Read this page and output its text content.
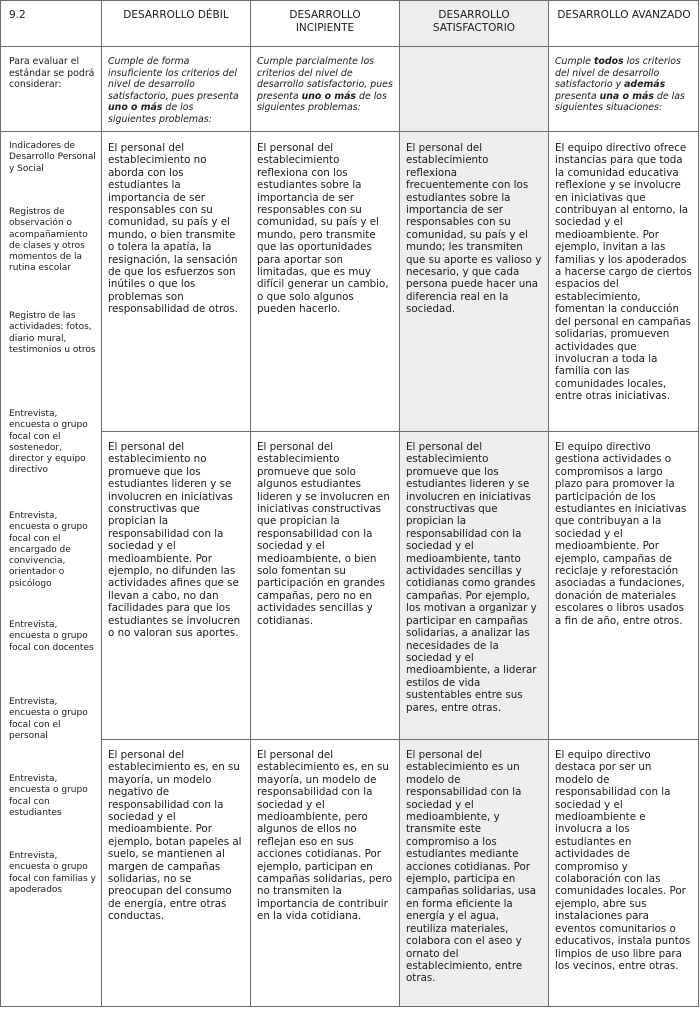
9.2	DESARROLLO DÉBIL	DESARROLLO INCIPIENTE
DESARROLLO SATISFACTORIO
DESARROLLO AVANZADO
Para evaluar el estándar se podrá considerar:
Cumple de forma insuficiente los criterios del nivel de desarrollo satisfactorio, pues presenta uno o más de los siguientes problemas:
Cumple parcialmente los criterios del nivel de desarrollo satisfactorio, pues presenta uno o más de los siguientes problemas:
Cumple todos los criterios del nivel de desarrollo satisfactorio y además presenta una o más de las siguientes situaciones:
Indicadores de Desarrollo Personal y Social
Registros de observación o acompañamiento de clases y otros momentos de la rutina escolar
Registro de las actividades: fotos, diario mural, testimonios u otros
Entrevista, encuesta o grupo focal con el sostenedor, director y equipo directivo
Entrevista, encuesta o grupo focal con el encargado de convivencia, orientador o psicólogo
Entrevista, encuesta o grupo focal con docentes
Entrevista, encuesta o grupo focal con el personal
Entrevista, encuesta o grupo focal con estudiantes
Entrevista, encuesta o grupo focal con familias y apoderados
El personal del establecimiento no aborda con los estudiantes la importancia de ser responsables con su comunidad, su país y el mundo, o bien transmite o tolera la apatía, la resignación, la sensación de que los esfuerzos son inútiles o que los problemas son responsabilidad de otros.
El personal del establecimiento reflexiona con los estudiantes sobre la importancia de ser responsables con su comunidad, su país y el mundo, pero transmite que las oportunidades para aportar son limitadas, que es muy difícil generar un cambio, o que solo algunos pueden hacerlo.
El personal del establecimiento reflexiona frecuentemente con los estudiantes sobre la importancia de ser responsables con su comunidad, su país y el mundo; les transmiten que su aporte es valioso y necesario, y que cada persona puede hacer una diferencia real en la sociedad.
El equipo directivo ofrece instancias para que toda la comunidad educativa reflexione y se involucre en iniciativas que contribuyan al entorno, la sociedad y el medioambiente. Por ejemplo, invitan a las familias y los apoderados a hacerse cargo de ciertos espacios del establecimiento, fomentan la conducción del personal en campañas solidarias, promueven actividades que involucran a toda la familia con las comunidades locales, entre otras iniciativas.
El personal del establecimiento no promueve que los estudiantes lideren y se involucren en iniciativas constructivas que propician la responsabilidad con la sociedad y el medioambiente. Por ejemplo, no difunden las actividades afines que se llevan a cabo, no dan facilidades para que los estudiantes se involucren o no valoran sus aportes.
El personal del establecimiento promueve que solo algunos estudiantes lideren y se involucren en iniciativas constructivas que propician la responsabilidad con la sociedad y el medioambiente, o bien solo fomentan su participación en grandes campañas, pero no en actividades sencillas y cotidianas.
El personal del establecimiento promueve que los estudiantes lideren y se involucren en iniciativas constructivas que propician la responsabilidad con la sociedad y el medioambiente, tanto actividades sencillas y cotidianas como grandes campañas. Por ejemplo, los motivan a organizar y participar en campañas solidarias, a analizar las necesidades de la sociedad y el medioambiente, a liderar estilos de vida sustentables entre sus pares, entre otras.
El equipo directivo gestiona actividades o compromisos a largo plazo para promover la participación de los estudiantes en iniciativas que contribuyan a la sociedad y el medioambiente. Por ejemplo, campañas de reciclaje y reforestación asociadas a fundaciones, donación de materiales escolares o libros usados a fin de año, entre otros.
El personal del establecimiento es, en su mayoría, un modelo negativo de responsabilidad con la sociedad y el medioambiente. Por ejemplo, botan papeles al suelo, se mantienen al margen de campañas solidarias, no se preocupan del consumo de energía, entre otras conductas.
El personal del establecimiento es, en su mayoría, un modelo de responsabilidad con la sociedad y el medioambiente, pero algunos de ellos no reflejan eso en sus acciones cotidianas. Por ejemplo, participan en campañas solidarias, pero no transmiten la importancia de contribuir en la vida cotidiana.
El personal del establecimiento es un modelo de responsabilidad con la sociedad y el medioambiente, y transmite este compromiso a los estudiantes mediante acciones cotidianas. Por ejemplo, participa en campañas solidarias, usa en forma eficiente la energía y el agua, reutiliza materiales, colabora con el aseo y ornato del establecimiento, entre otras.
El equipo directivo destaca por ser un modelo de responsabilidad con la sociedad y el medioambiente e involucra a los estudiantes en actividades de compromiso y colaboración con las comunidades locales. Por ejemplo, abre sus instalaciones para eventos comunitarios o educativos, instala puntos limpios de uso libre para los vecinos, entre otras.
